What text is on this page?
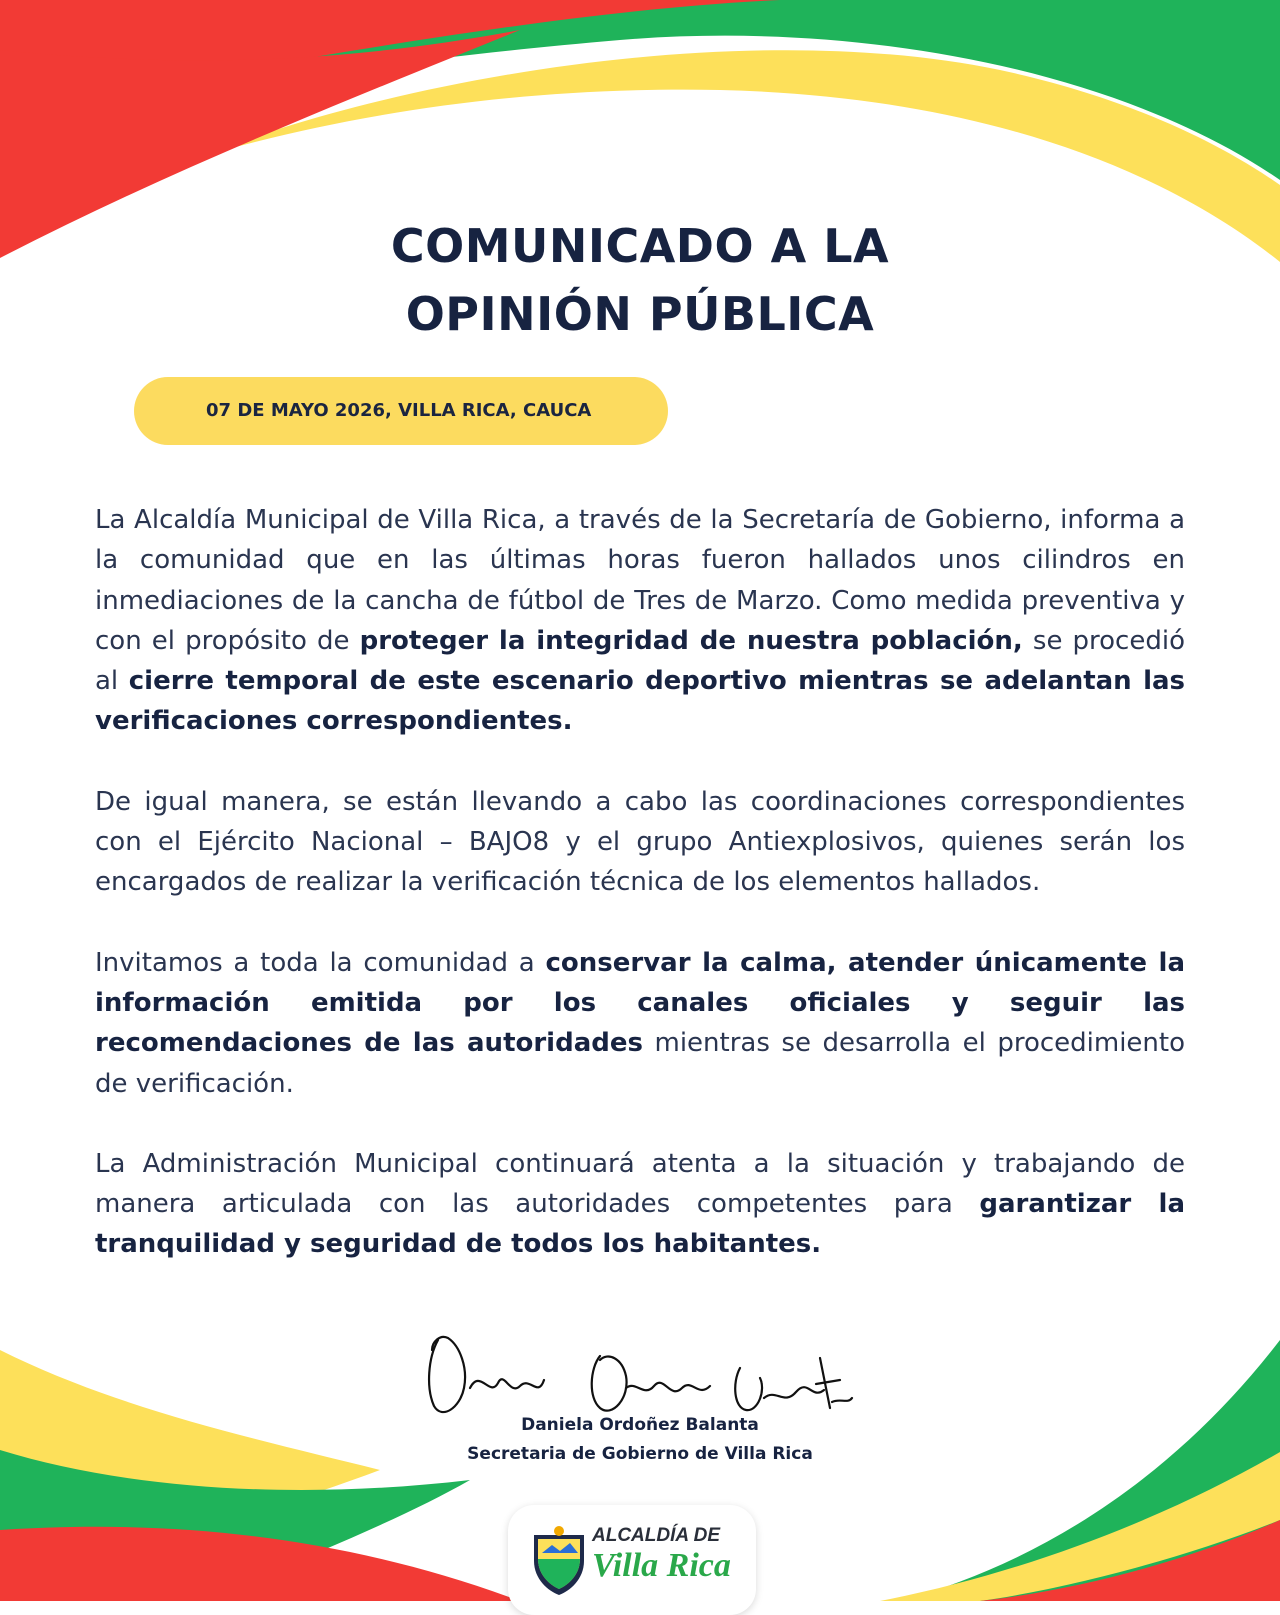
COMUNICADO A LA
OPINIÓN PÚBLICA
07 DE MAYO 2026, VILLA RICA, CAUCA

La Alcaldía Municipal de Villa Rica, a través de la Secretaría de Gobierno, informa a la comunidad que en las últimas horas fueron hallados unos cilindros en inmediaciones de la cancha de fútbol de Tres de Marzo. Como medida preventiva y con el propósito de proteger la integridad de nuestra población, se procedió al cierre temporal de este escenario deportivo mientras se adelantan las verificaciones correspondientes.

De igual manera, se están llevando a cabo las coordinaciones correspondientes con el Ejército Nacional – BAJO8 y el grupo Antiexplosivos, quienes serán los encargados de realizar la verificación técnica de los elementos hallados.

Invitamos a toda la comunidad a conservar la calma, atender únicamente la información emitida por los canales oficiales y seguir las recomendaciones de las autoridades mientras se desarrolla el procedimiento de verificación.

La Administración Municipal continuará atenta a la situación y trabajando de manera articulada con las autoridades competentes para garantizar la tranquilidad y seguridad de todos los habitantes.

Daniela Ordoñez Balanta
Secretaria de Gobierno de Villa Rica
ALCALDÍA DE
Villa Rica
